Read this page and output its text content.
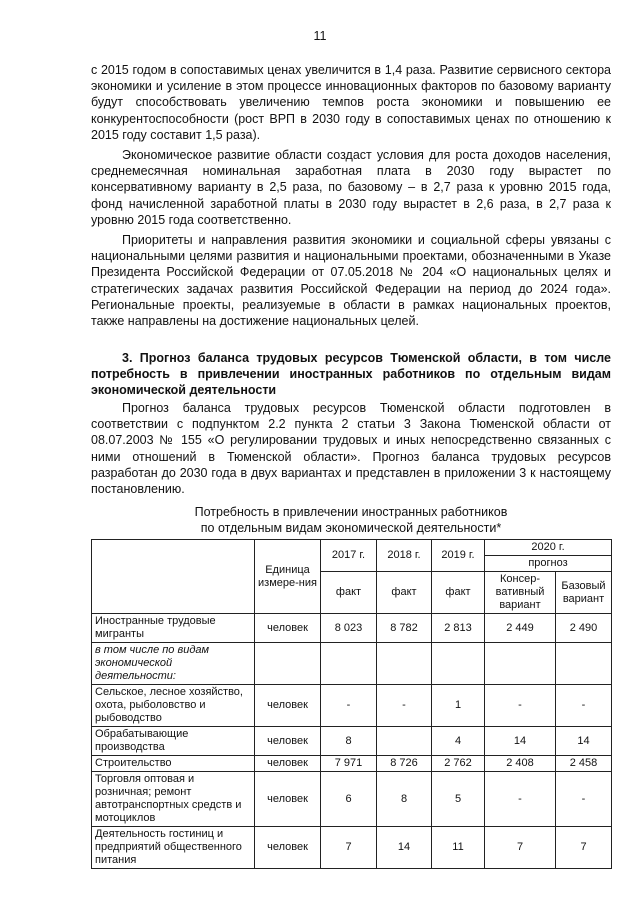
11

с 2015 годом в сопоставимых ценах увеличится в 1,4 раза. Развитие сервисного сектора экономики и усиление в этом процессе инновационных факторов по базовому варианту будут способствовать увеличению темпов роста экономики и повышению ее конкурентоспособности (рост ВРП в 2030 году в сопоставимых ценах по отношению к 2015 году составит 1,5 раза).

Экономическое развитие области создаст условия для роста доходов населения, среднемесячная номинальная заработная плата в 2030 году вырастет по консервативному варианту в 2,5 раза, по базовому – в 2,7 раза к уровню 2015 года, фонд начисленной заработной платы в 2030 году вырастет в 2,6 раза, в 2,7 раза к уровню 2015 года соответственно.

Приоритеты и направления развития экономики и социальной сферы увязаны с национальными целями развития и национальными проектами, обозначенными в Указе Президента Российской Федерации от 07.05.2018 № 204 «О национальных целях и стратегических задачах развития Российской Федерации на период до 2024 года». Региональные проекты, реализуемые в области в рамках национальных проектов, также направлены на достижение национальных целей.

3. Прогноз баланса трудовых ресурсов Тюменской области, в том числе потребность в привлечении иностранных работников по отдельным видам экономической деятельности

Прогноз баланса трудовых ресурсов Тюменской области подготовлен в соответствии с подпунктом 2.2 пункта 2 статьи 3 Закона Тюменской области от 08.07.2003 № 155 «О регулировании трудовых и иных непосредственно связанных с ними отношений в Тюменской области». Прогноз баланса трудовых ресурсов разработан до 2030 года в двух вариантах и представлен в приложении 3 к настоящему постановлению.

Потребность в привлечении иностранных работников
по отдельным видам экономической деятельности*
	Единица измере-ния	2017 г.	2018 г.	2019 г.	2020 г.	
					прогноз	
		факт	факт	факт	Консер-вативный вариант	Базовый вариант
Иностранные трудовые мигранты	человек	8 023	8 782	2 813	2 449	2 490
в том числе по видам экономической деятельности:						
Сельское, лесное хозяйство, охота, рыболовство и рыбоводство	человек	-	-	1	-	-
Обрабатывающие производства	человек	8		4	14	14
Строительство	человек	7 971	8 726	2 762	2 408	2 458
Торговля оптовая и розничная; ремонт автотранспортных средств и мотоциклов	человек	6	8	5	-	-
Деятельность гостиниц и предприятий общественного питания	человек	7	14	11	7	7
